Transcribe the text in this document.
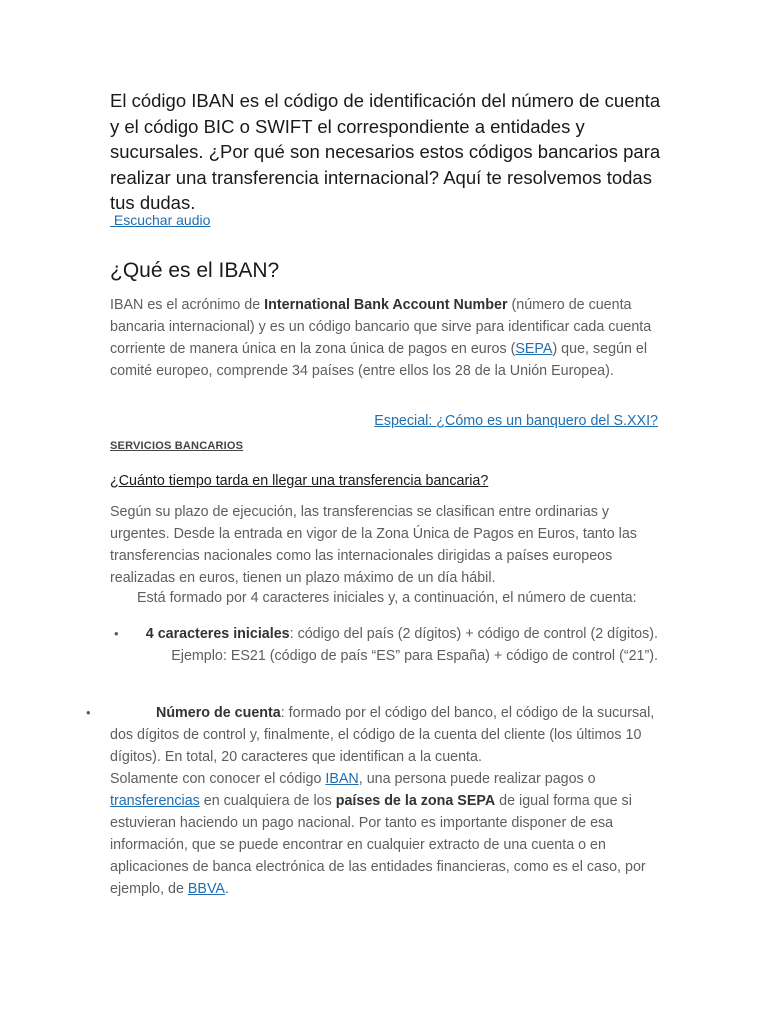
El código IBAN es el código de identificación del número de cuenta y el código BIC o SWIFT el correspondiente a entidades y sucursales. ¿Por qué son necesarios estos códigos bancarios para realizar una transferencia internacional? Aquí te resolvemos todas tus dudas.

Escuchar audio
¿Qué es el IBAN?

IBAN es el acrónimo de International Bank Account Number (número de cuenta bancaria internacional) y es un código bancario que sirve para identificar cada cuenta corriente de manera única en la zona única de pagos en euros (SEPA) que, según el comité europeo, comprende 34 países (entre ellos los 28 de la Unión Europea).

Especial: ¿Cómo es un banquero del S.XXI?
SERVICIOS BANCARIOS
¿Cuánto tiempo tarda en llegar una transferencia bancaria?

Según su plazo de ejecución, las transferencias se clasifican entre ordinarias y urgentes. Desde la entrada en vigor de la Zona Única de Pagos en Euros, tanto las transferencias nacionales como las internacionales dirigidas a países europeos realizadas en euros, tienen un plazo máximo de un día hábil.

Está formado por 4 caracteres iniciales y, a continuación, el número de cuenta:
•	4 caracteres iniciales: código del país (2 dígitos) + código de control (2 dígitos). Ejemplo: ES21 (código de país “ES” para España) + código de control (“21”).
•	Número de cuenta: formado por el código del banco, el código de la sucursal, dos dígitos de control y, finalmente, el código de la cuenta del cliente (los últimos 10 dígitos). En total, 20 caracteres que identifican a la cuenta.
Solamente con conocer el código IBAN, una persona puede realizar pagos o transferencias en cualquiera de los países de la zona SEPA de igual forma que si estuvieran haciendo un pago nacional. Por tanto es importante disponer de esa información, que se puede encontrar en cualquier extracto de una cuenta o en aplicaciones de banca electrónica de las entidades financieras, como es el caso, por ejemplo, de BBVA.
